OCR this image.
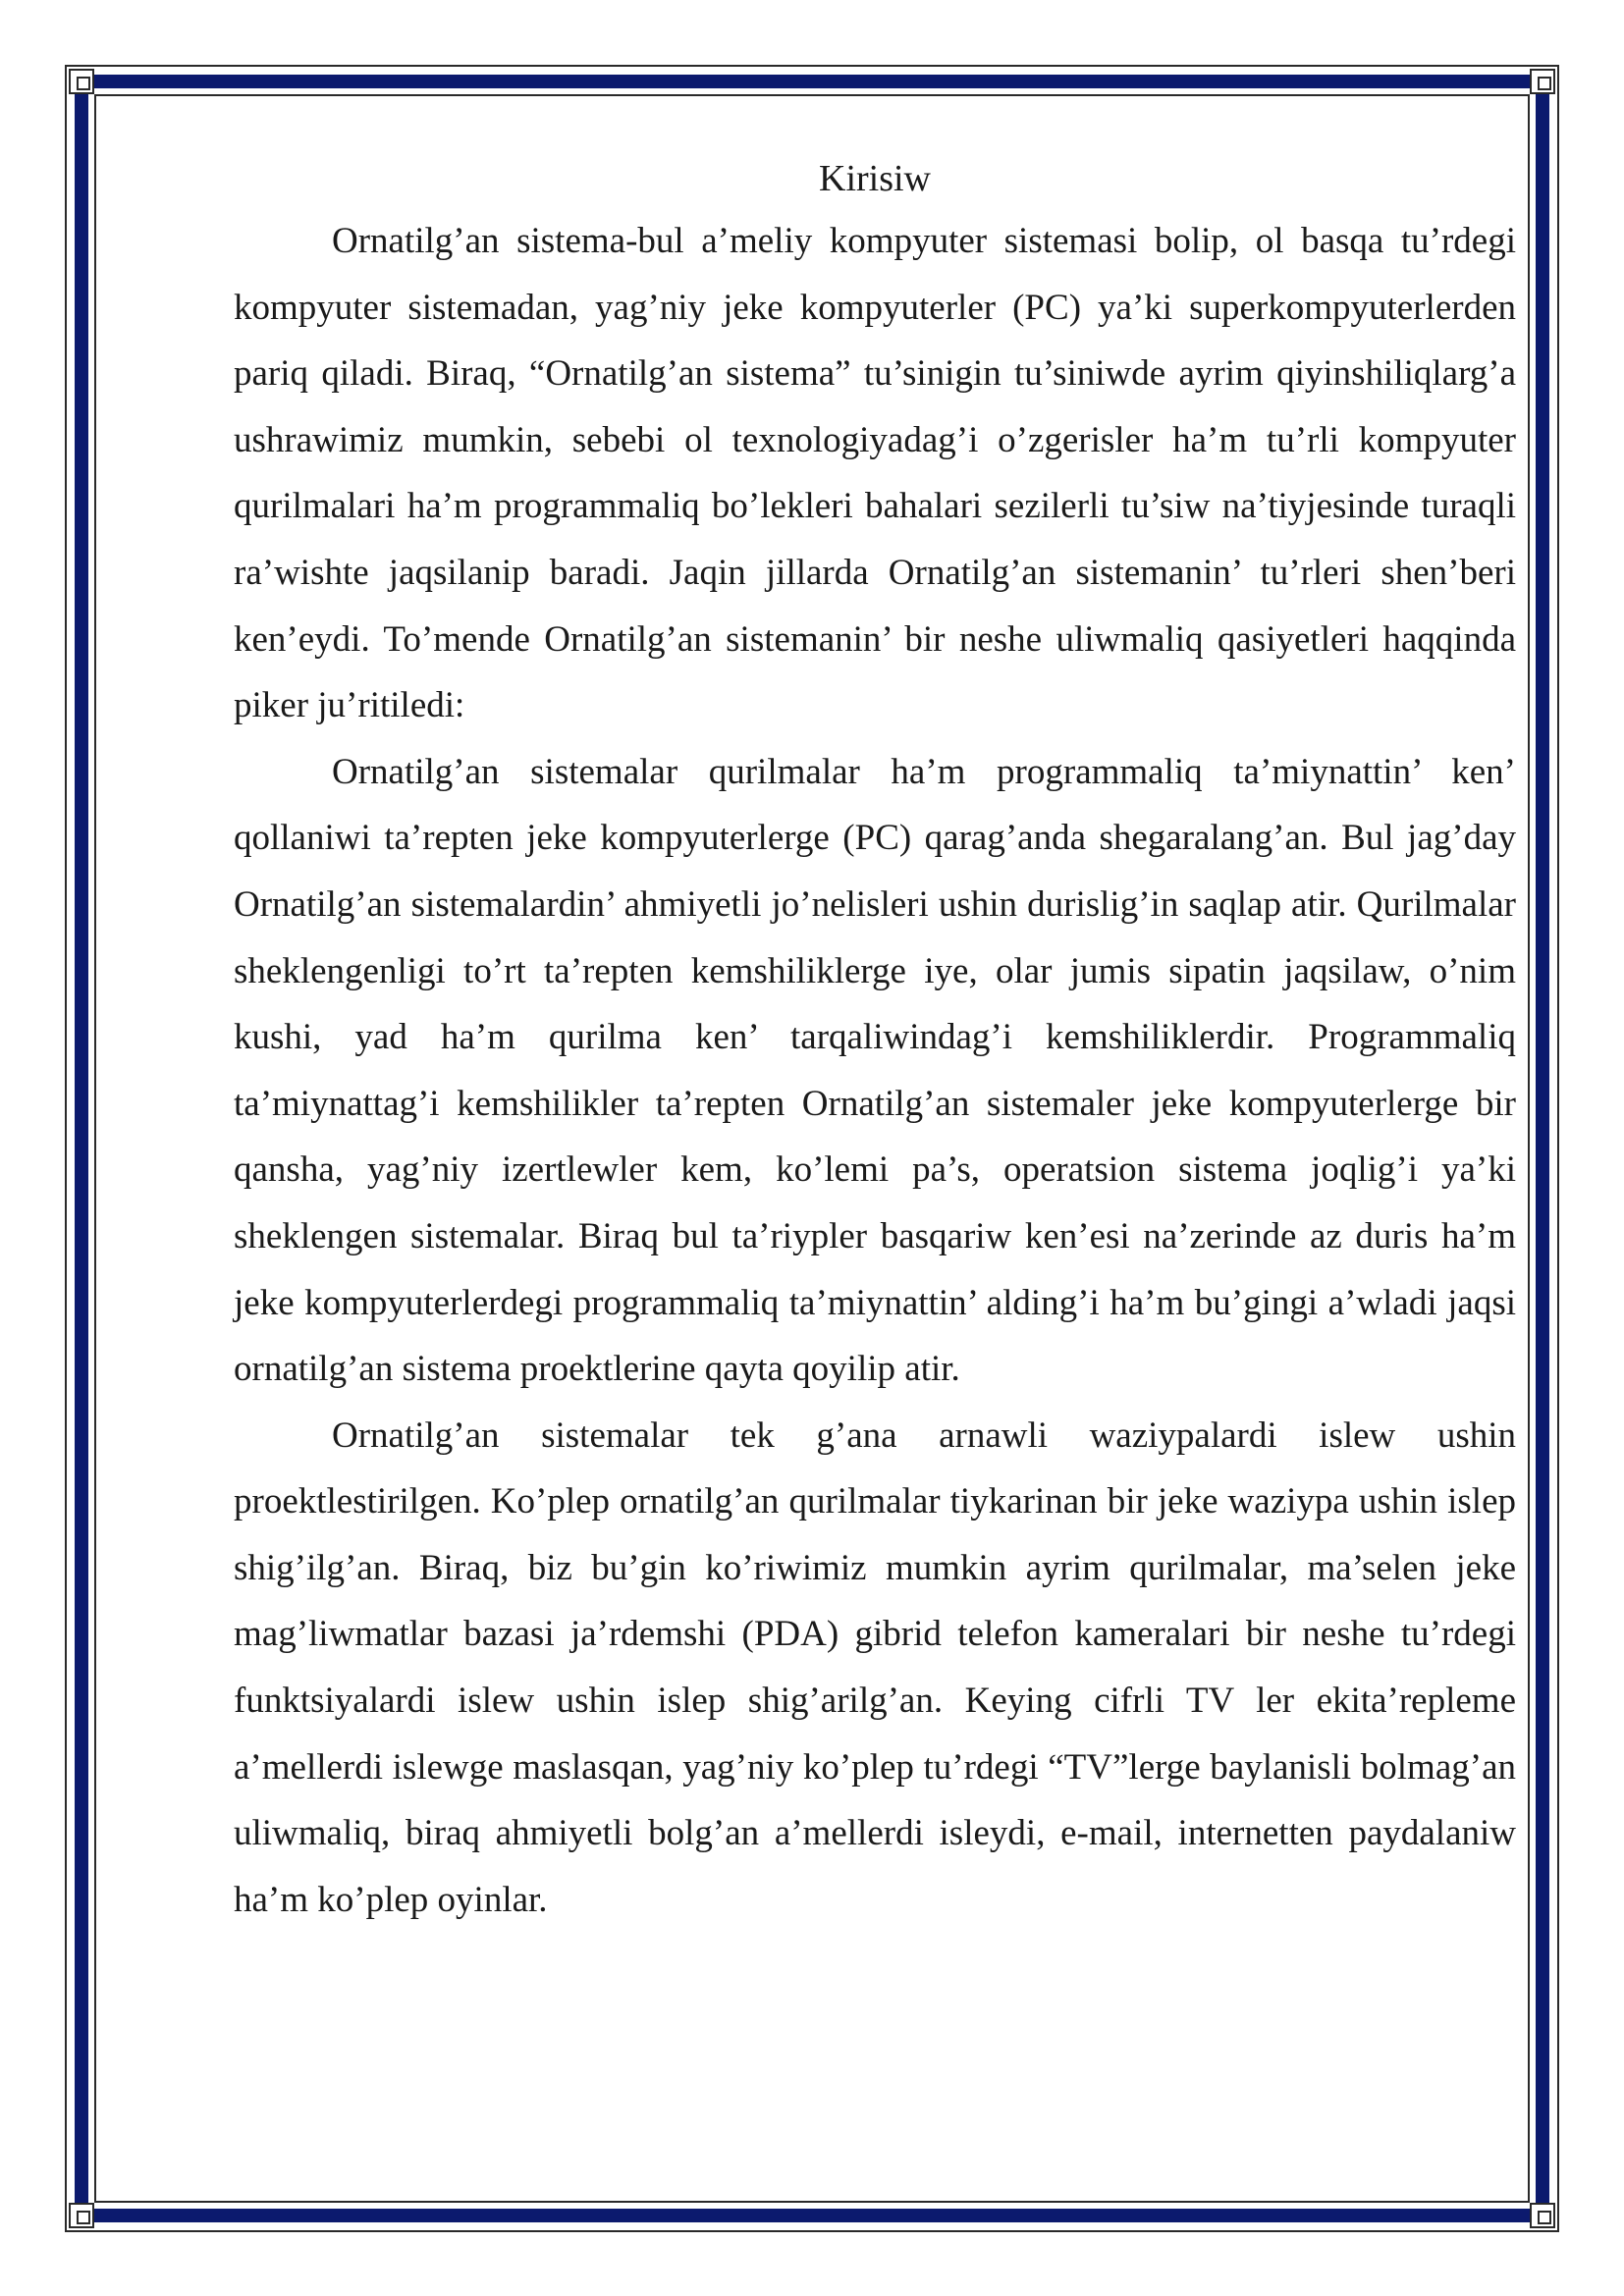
Kirisiw

Ornatilg’an sistema-bul a’meliy kompyuter sistemasi bolip, ol basqa tu’rdegi kompyuter sistemadan, yag’niy jeke kompyuterler (PC) ya’ki superkompyuterlerden pariq qiladi. Biraq, “Ornatilg’an sistema” tu’sinigin tu’siniwde ayrim qiyinshiliqlarg’a ushrawimiz mumkin, sebebi ol texnologiyadag’i o’zgerisler ha’m tu’rli kompyuter qurilmalari ha’m programmaliq bo’lekleri bahalari sezilerli tu’siw na’tiyjesinde turaqli ra’wishte jaqsilanip baradi. Jaqin jillarda Ornatilg’an sistemanin’ tu’rleri shen’beri ken’eydi. To’mende Ornatilg’an sistemanin’ bir neshe uliwmaliq qasiyetleri haqqinda piker ju’ritiledi:

Ornatilg’an sistemalar qurilmalar ha’m programmaliq ta’miynattin’ ken’ qollaniwi ta’repten jeke kompyuterlerge (PC) qarag’anda shegaralang’an. Bul jag’day Ornatilg’an sistemalardin’ ahmiyetli jo’nelisleri ushin durislig’in saqlap atir. Qurilmalar sheklengenligi to’rt ta’repten kemshiliklerge iye, olar jumis sipatin jaqsilaw, o’nim kushi, yad ha’m qurilma ken’ tarqaliwindag’i kemshiliklerdir. Programmaliq ta’miynattag’i kemshilikler ta’repten Ornatilg’an sistemaler jeke kompyuterlerge bir qansha, yag’niy izertlewler kem, ko’lemi pa’s, operatsion sistema joqlig’i ya’ki sheklengen sistemalar. Biraq bul ta’riypler basqariw ken’esi na’zerinde az duris ha’m jeke kompyuterlerdegi programmaliq ta’miynattin’ alding’i ha’m bu’gingi a’wladi jaqsi ornatilg’an sistema proektlerine qayta qoyilip atir.

Ornatilg’an sistemalar tek g’ana arnawli waziypalardi islew ushin proektlestirilgen. Ko’plep ornatilg’an qurilmalar tiykarinan bir jeke waziypa ushin islep shig’ilg’an. Biraq, biz bu’gin ko’riwimiz mumkin ayrim qurilmalar, ma’selen jeke mag’liwmatlar bazasi ja’rdemshi (PDA) gibrid telefon kameralari bir neshe tu’rdegi funktsiyalardi islew ushin islep shig’arilg’an. Keying cifrli TV ler ekita’repleme a’mellerdi islewge maslasqan, yag’niy ko’plep tu’rdegi “TV”lerge baylanisli bolmag’an uliwmaliq, biraq ahmiyetli bolg’an a’mellerdi isleydi, e-mail, internetten paydalaniw ha’m ko’plep oyinlar.
